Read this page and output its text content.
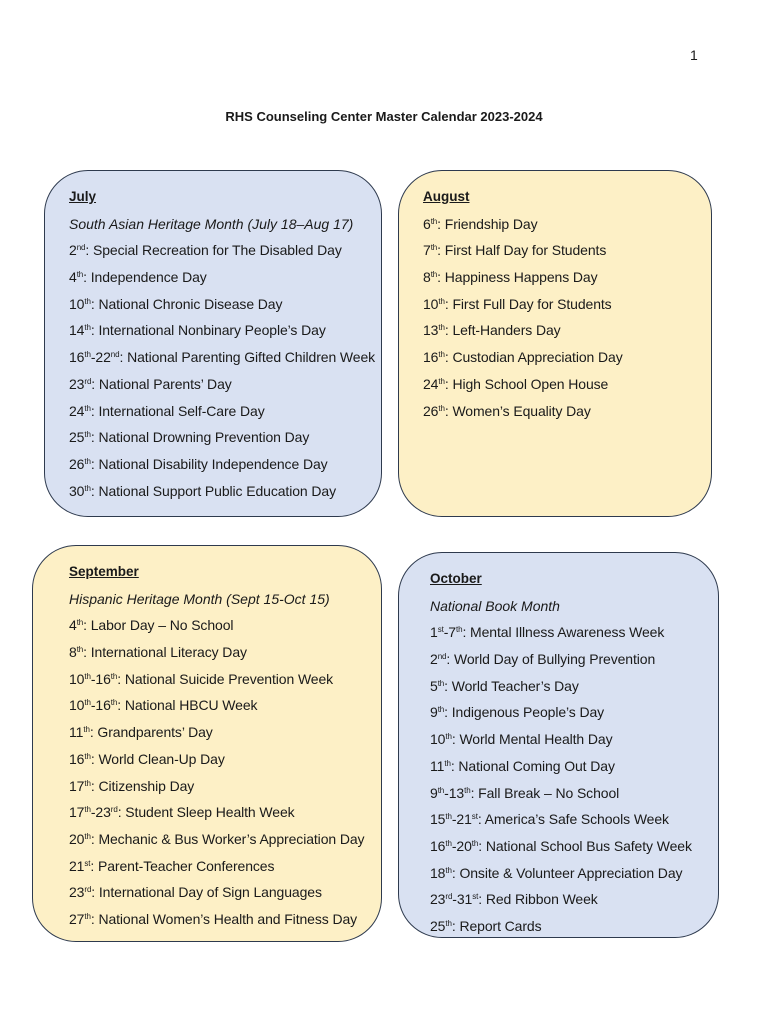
1
RHS Counseling Center Master Calendar 2023-2024
July
South Asian Heritage Month (July 18–Aug 17)
2nd: Special Recreation for The Disabled Day
4th: Independence Day
10th: National Chronic Disease Day
14th: International Nonbinary People’s Day
16th-22nd: National Parenting Gifted Children Week
23rd: National Parents’ Day
24th: International Self-Care Day
25th: National Drowning Prevention Day
26th: National Disability Independence Day
30th: National Support Public Education Day
August
6th: Friendship Day
7th: First Half Day for Students
8th: Happiness Happens Day
10th: First Full Day for Students
13th: Left-Handers Day
16th: Custodian Appreciation Day
24th: High School Open House
26th: Women’s Equality Day
September
Hispanic Heritage Month (Sept 15-Oct 15)
4th: Labor Day – No School
8th: International Literacy Day
10th-16th: National Suicide Prevention Week
10th-16th: National HBCU Week
11th: Grandparents’ Day
16th: World Clean-Up Day
17th: Citizenship Day
17th-23rd: Student Sleep Health Week
20th: Mechanic & Bus Worker’s Appreciation Day
21st: Parent-Teacher Conferences
23rd: International Day of Sign Languages
27th: National Women’s Health and Fitness Day
October
National Book Month
1st-7th: Mental Illness Awareness Week
2nd: World Day of Bullying Prevention
5th: World Teacher’s Day
9th: Indigenous People’s Day
10th: World Mental Health Day
11th: National Coming Out Day
9th-13th: Fall Break – No School
15th-21st: America’s Safe Schools Week
16th-20th: National School Bus Safety Week
18th: Onsite & Volunteer Appreciation Day
23rd-31st: Red Ribbon Week
25th: Report Cards
